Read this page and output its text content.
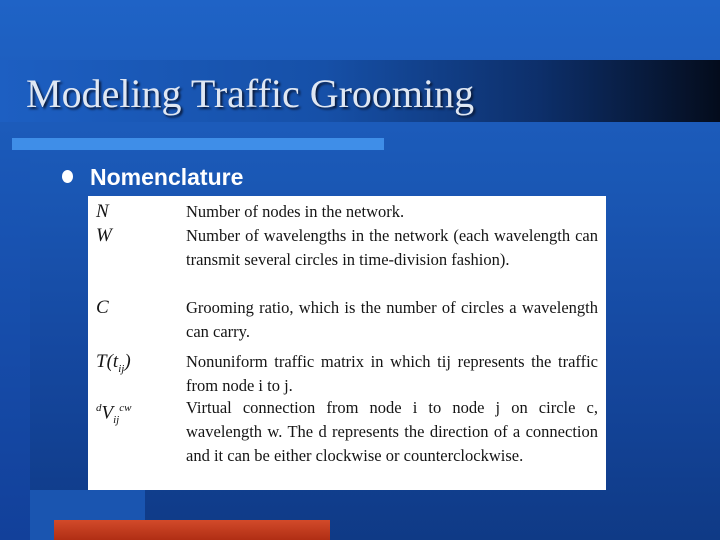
Modeling Traffic Grooming
Nomenclature
N	Number of nodes in the network.
W	Number of wavelengths in the network (each wavelength can transmit several circles in time-division fashion).
C	Grooming ratio, which is the number of circles a wavelength can carry.
$T(t_{ij})$	Nonuniform traffic matrix in which tij represents the traffic from node i to j.
$^dV_{ij}^{cw}$	Virtual connection from node i to node j on circle c, wavelength w. The d represents the direction of a connection and it can be either clockwise or counterclockwise.
